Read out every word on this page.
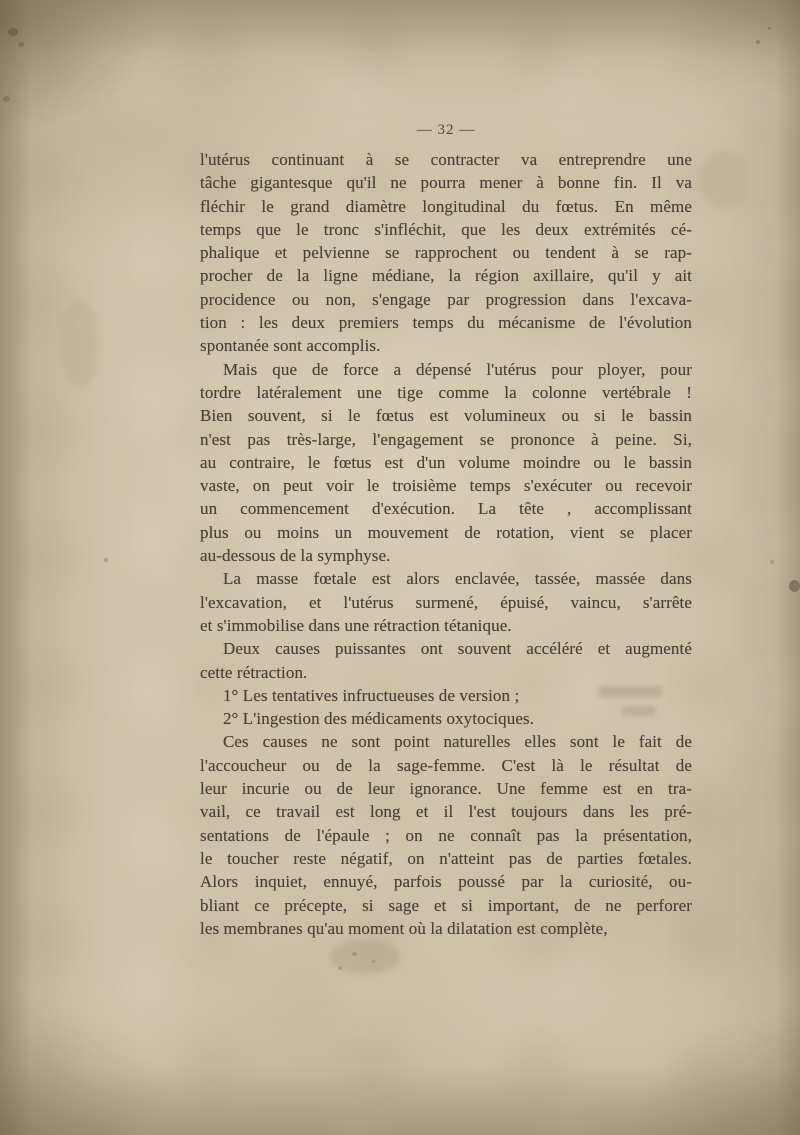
— 32 —
l'utérus continuant à se contracter va entreprendre une
tâche gigantesque qu'il ne pourra mener à bonne fin. Il va
fléchir le grand diamètre longitudinal du fœtus. En même
temps que le tronc s'infléchit, que les deux extrémités cé-
phalique et pelvienne se rapprochent ou tendent à se rap-
procher de la ligne médiane, la région axillaire, qu'il y ait
procidence ou non, s'engage par progression dans l'excava-
tion : les deux premiers temps du mécanisme de l'évolution
spontanée sont accomplis.
Mais que de force a dépensé l'utérus pour ployer, pour
tordre latéralement une tige comme la colonne vertébrale !
Bien souvent, si le fœtus est volumineux ou si le bassin
n'est pas très-large, l'engagement se prononce à peine. Si,
au contraire, le fœtus est d'un volume moindre ou le bassin
vaste, on peut voir le troisième temps s'exécuter ou recevoir
un commencement d'exécution. La tête , accomplissant
plus ou moins un mouvement de rotation, vient se placer
au-dessous de la symphyse.
La masse fœtale est alors enclavée, tassée, massée dans
l'excavation, et l'utérus surmené, épuisé, vaincu, s'arrête
et s'immobilise dans une rétraction tétanique.
Deux causes puissantes ont souvent accéléré et augmenté
cette rétraction.
1° Les tentatives infructueuses de version ;
2° L'ingestion des médicaments oxytociques.
Ces causes ne sont point naturelles elles sont le fait de
l'accoucheur ou de la sage-femme. C'est là le résultat de
leur incurie ou de leur ignorance. Une femme est en tra-
vail, ce travail est long et il l'est toujours dans les pré-
sentations de l'épaule ; on ne connaît pas la présentation,
le toucher reste négatif, on n'atteint pas de parties fœtales.
Alors inquiet, ennuyé, parfois poussé par la curiosité, ou-
bliant ce précepte, si sage et si important, de ne perforer
les membranes qu'au moment où la dilatation est complète,
